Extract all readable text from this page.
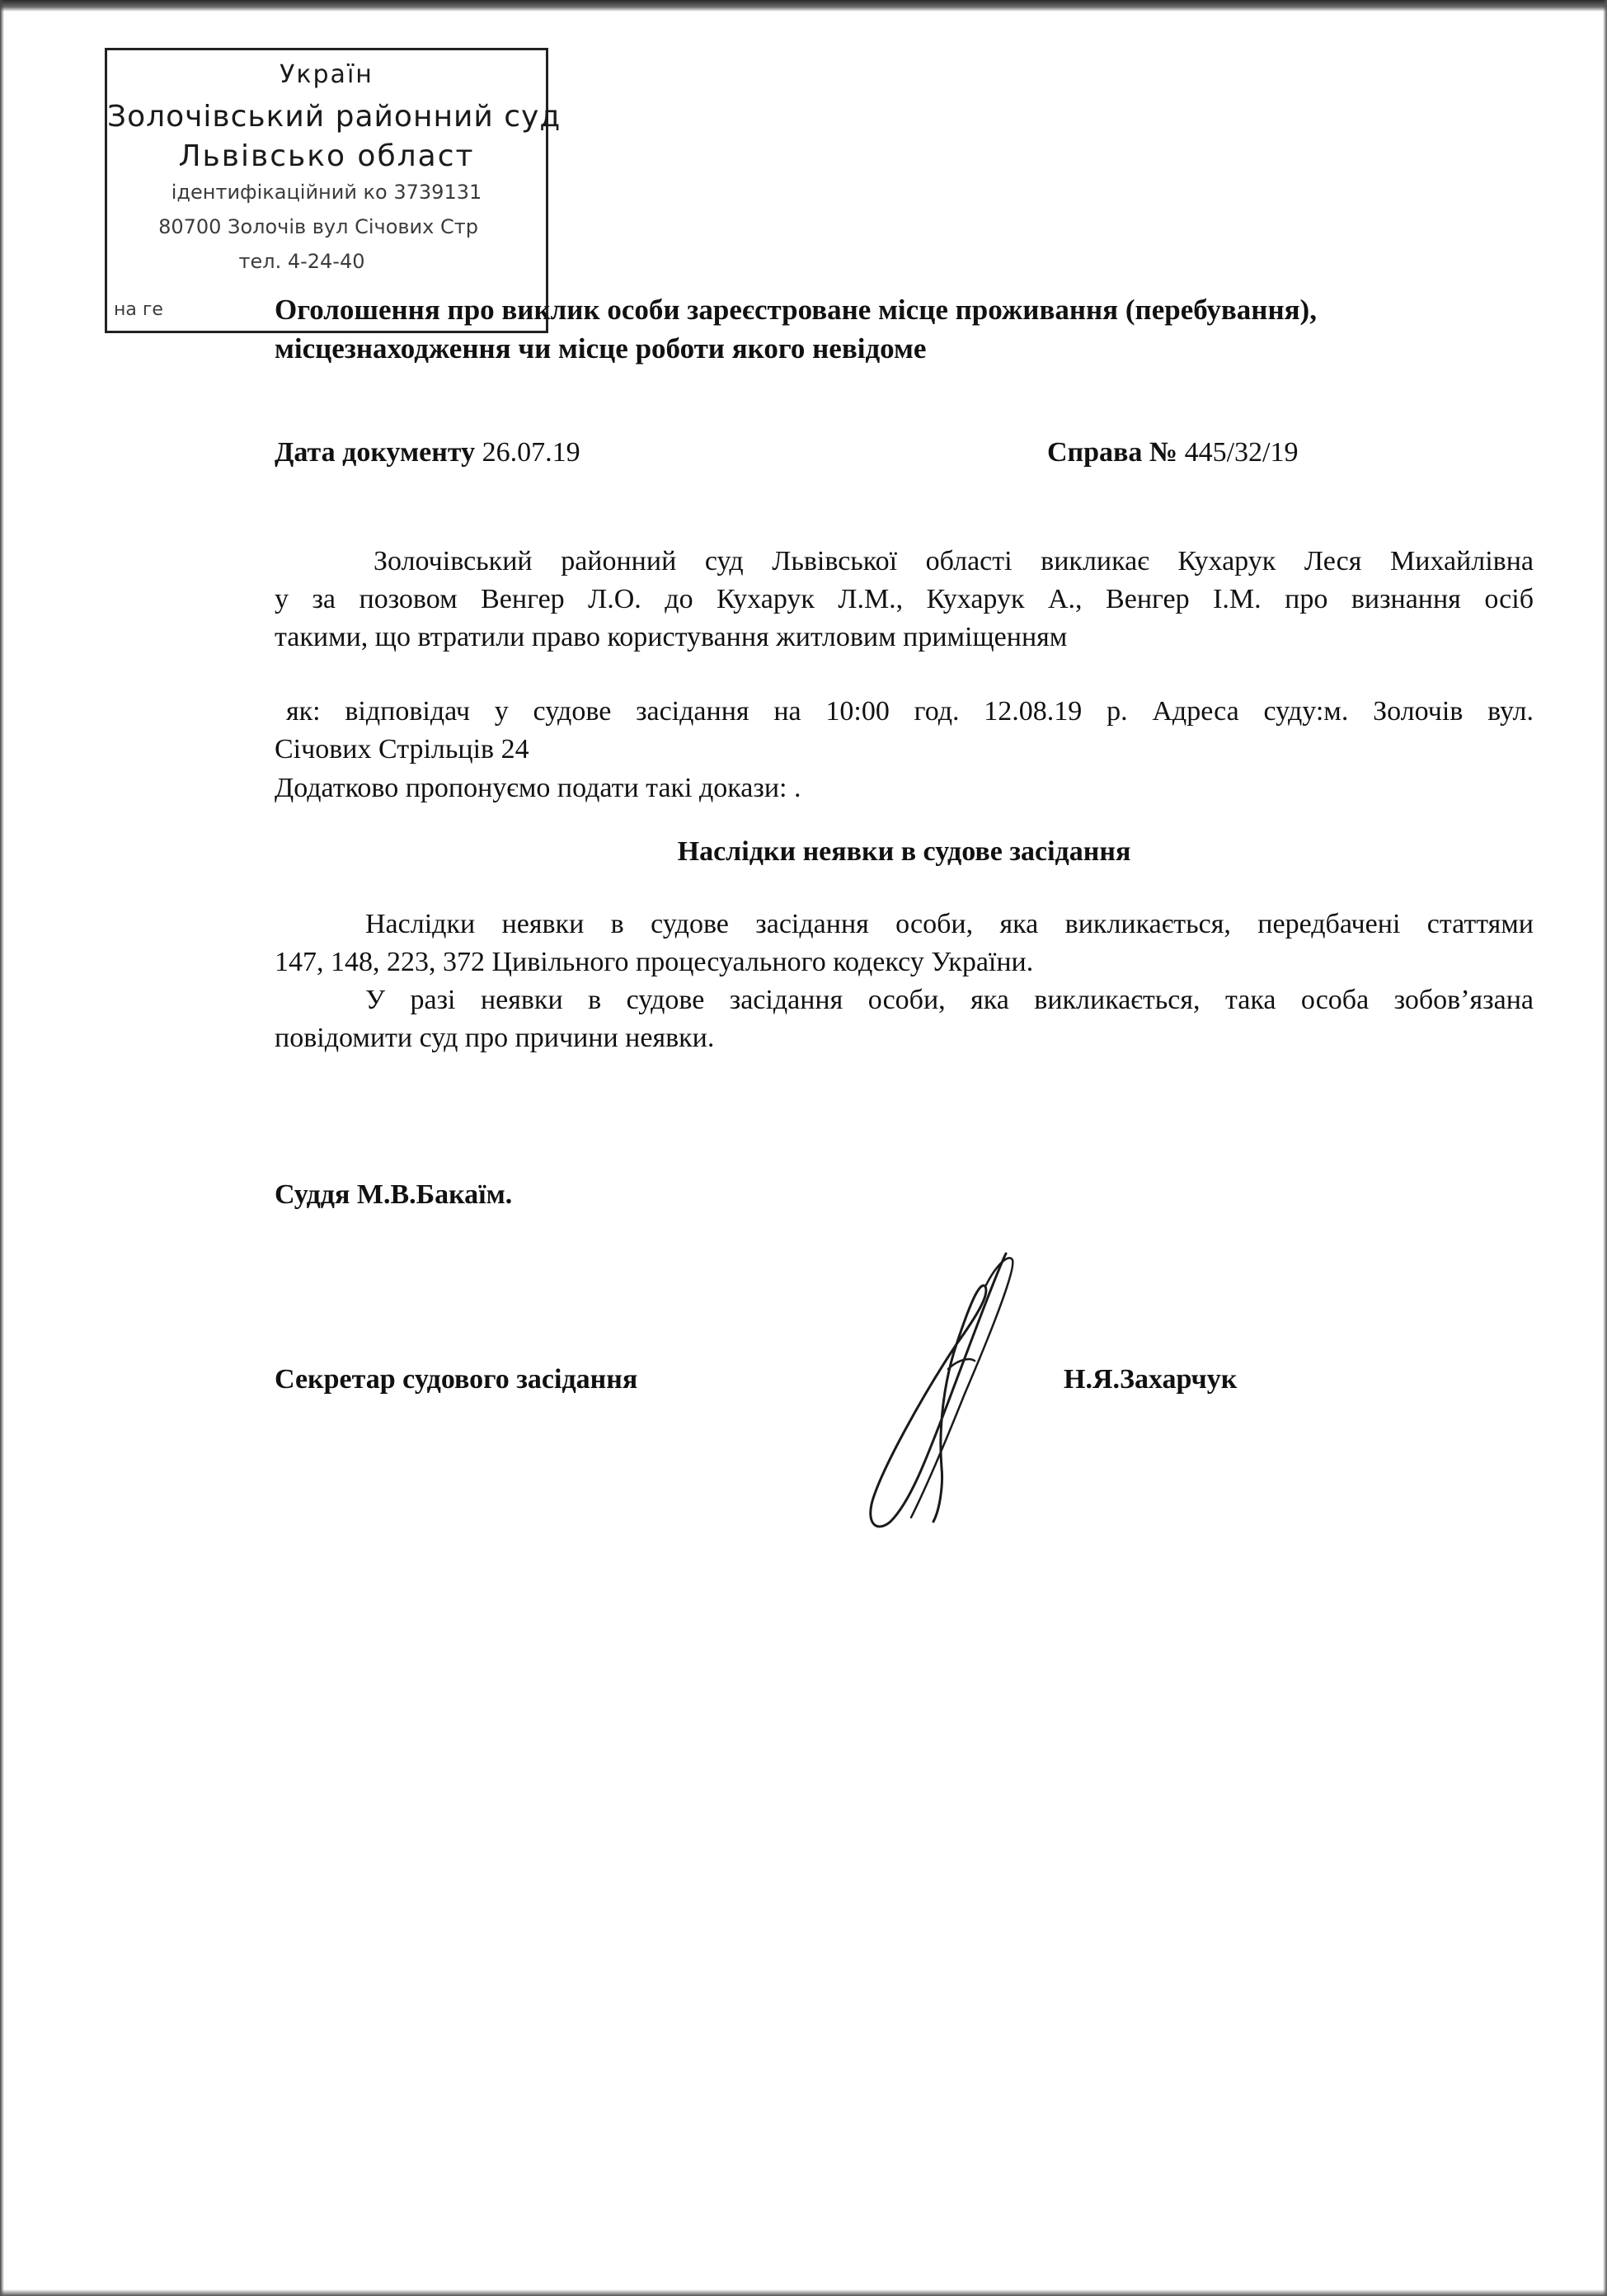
Україн
Золочівський районний суд
Львівсько област
ідентифікаційний ко 3739131
80700 Золочів вул Січових Стр
тел. 4-24-40
на ге	Оголошення про виклик особи зареєстроване місце проживання (перебування),
місцезнаходження чи місце роботи якого невідоме
Дата документу 26.07.19	Справа № 445/32/19
Золочівський районний суд Львівської області викликає Кухарук Леся Михайлівна
у за позовом Венгер Л.О. до Кухарук Л.М., Кухарук А., Венгер І.М. про визнання осіб
такими, що втратили право користування житловим приміщенням
як: відповідач у судове засідання на 10:00 год. 12.08.19 р. Адреса суду:м. Золочів вул.
Січових Стрільців 24
Додатково пропонуємо подати такі докази: .
Наслідки неявки в судове засідання
Наслідки неявки в судове засідання особи, яка викликається, передбачені статтями
147, 148, 223, 372 Цивільного процесуального кодексу України.
У разі неявки в судове засідання особи, яка викликається, така особа зобов’язана
повідомити суд про причини неявки.
Суддя М.В.Бакаїм.
Секретар судового засідання	Н.Я.Захарчук
